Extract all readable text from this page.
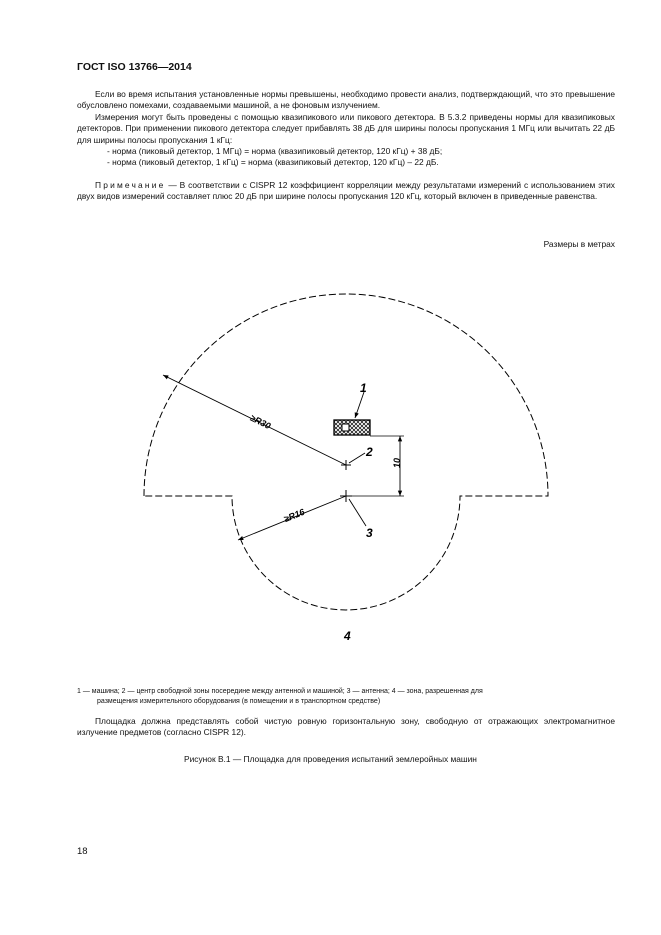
ГОСТ ISO 13766—2014

Если во время испытания установленные нормы превышены, необходимо провести анализ, подтверждающий, что это превышение обусловлено помехами, создаваемыми машиной, а не фоновым излучением.

Измерения могут быть проведены с помощью квазипикового или пикового детектора. В 5.3.2 приведены нормы для квазипиковых детекторов. При применении пикового детектора следует прибавлять 38 дБ для ширины полосы пропускания 1 МГц или вычитать 22 дБ для ширины полосы пропускания 1 кГц:

- норма (пиковый детектор, 1 МГц) = норма (квазипиковый детектор, 120 кГц) + 38 дБ;

- норма (пиковый детектор, 1 кГц) = норма (квазипиковый детектор, 120 кГц) – 22 дБ.

Примечание — В соответствии с CISPR 12 коэффициент корреляции между результатами измерений с использованием этих двух видов измерений составляет плюс 20 дБ при ширине полосы пропускания 120 кГц, который включен в приведенные равенства.

Размеры в метрах
≥R30
≥R16
10
1
2
3
4

1 — машина; 2 — центр свободной зоны посередине между антенной и машиной; 3 — антенна; 4 — зона, разрешенная для

размещения измерительного оборудования (в помещении и в транспортном средстве)

Площадка должна представлять собой чистую ровную горизонтальную зону, свободную от отражающих электромагнитное излучение предметов (согласно CISPR 12).

Рисунок В.1 — Площадка для проведения испытаний землеройных машин
18
